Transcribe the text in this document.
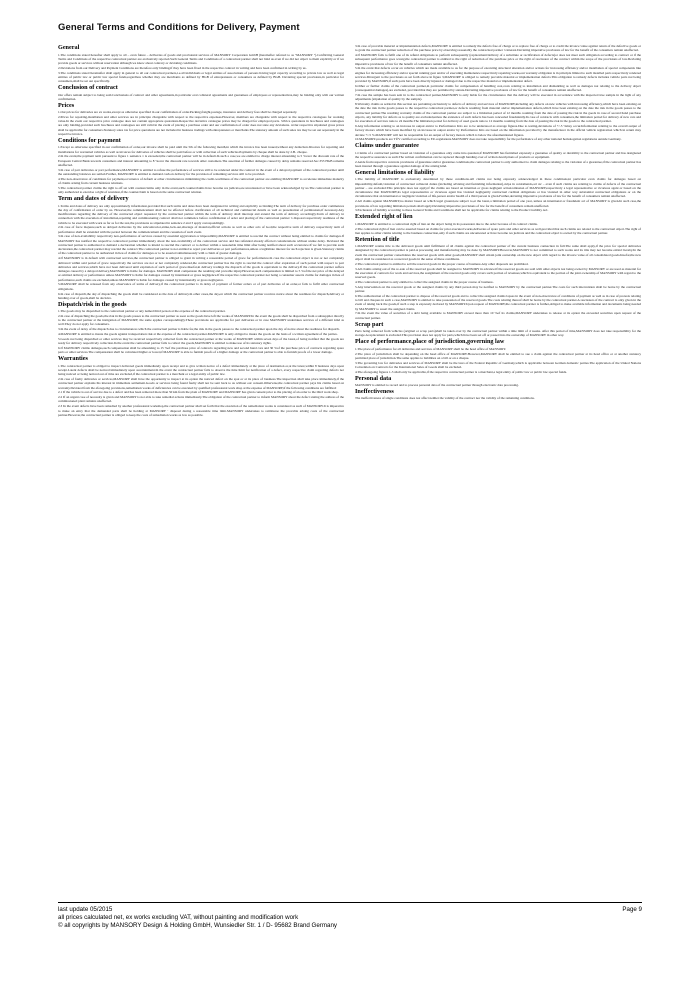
General Terms and Conditions for Delivery, Payment
General

1.The conditions stated hereafter shall apply to all – even future – deliveries of goods and provisional services of MANSORY Corporation GmbH (hereinafter referred to as "MANSORY ").Conflicting General Terms and Conditions of the respective contractual partner are exclusively rejected.Such General Terms and Conditions of a contractual partner shall not bind us even if we did not object to them explicitly or if we provide goods or services without reservation although we know about contrary or deviating conditions.

2.Deviations from our Delivery and Payment Conditions are therefore only binding,if they have been fixed in the respective contract in writing and have been confirmed in writing by us.

3.The conditions stated hereinafter shall apply in general to all our contractual partners,i.e.all individuals or legal entities of associations of persons having legal capacity according to private law as well as legal entities of public law or public law special funds,regardless whether they are merchants as defined by HGB of entrepreneurs or consumers as defined by BGB. Deviating special provisions,in particular for consumers,shall be set out specifically.

Conclusion of contract

Our offers remain subject to being sold.Conclusions of contract and other agreements,in particular oral collateral agreements and guarantees of employees or representatives,may be binding only with our written confirmation.

Prices

1.Our prices for deliveries are ex works,except as otherwise specified in our confirmation of order.Packing,freight,postage, insurance and delivery fees shall be charged separately.

2.Prices for repairing,installation and other services are in principle chargeable with respect to the respective expenses.However, members are chargeable with respect to the respective catalogues for working value.In the event our respective price catalogue does not contain appropriate quotations.Respective deviative catalogue prices may be charged for employed parts. 3.Price quotations in brochures and catalogues are only binding,provided such brochures and catalogues are still valid in the event of placing a purchase order and our confirmation of order does not state any deviations. 4.Our respective stipulated gross prices shall be applicable for consumers.Statutory sales tax for price quotations are not included in business tradings with entrepreneurs or merchants.The statutory amount of such sales tax may be set out separately in the respective invoice.

Conditions for payment

1.Except as otherwise specified in our confirmation of order,our invoice shall be paid until the 5th of the following month,in which the invoice has been issued,without any deduction.Invoices for repairing and installations for warranted vehicles as well as invoices for deliveries of vehicles shall be paid before or with collection of such vehicles.Payments by cheque shall be done by 2.B- cheque.

2.In the event,the payment term pursuant to figure 1 sentence 1 is exceeded,the contractual partner will be in default.In such a case,we are entitled to charge interest amounting to 5 %over the discount rate of the European Central Bank towards consumers and interest amounting to 8 %over the discount rate towards other customers.The assertion of further damages caused by delay remains reserved.Sec.353 HGB remains unaffected.

3.In case of part deliveries or part performance,MANSORY is entitled to refuse the performance of services still to be rendered under the contract in the event of a delayed payment of the contractual partner until the outstanding balances are settled.Further, MANSORY is entitled to demand cash on delivery for the provision of remaining services still to be provided.

4.The non-observance of conditions for payment,occurrence of default or other circumstances minimizing the credit-worthiness of the contractual partner are entitling MANSORY to accelerate immediate maturity of claims arising from current business relations.

5.The contractual partner claims the right to off set with counterclaims only in the event,such counterclaims have become res judicata,are uncontested or have been acknowledged by us.The contractual partner is only authorized to exercise a right of retention,if the counterclaim is based on the same contractual relation.

Term and dates of delivery

1.Terms and dates of delivery are only approximately information,provided that such terms and dates have been designated in writing and explicitly as binding.The term of delivery for purchase order commences the day of confirmation of order by us. However,the commencement shall not be effected before clarification of all technical and commercial details as well as presentation of permissions,if necessary.Any modifications regarding the delivery of the contracted object requested by the contractual partner within the term of delivery shall interrupt and extend the term of delivery accordingly.Term of delivery in connection with the execution of installation,repairing and commissioning contract shall not commence before confirmation of order and placing of the contractual partner 's disposal respectively readiness of the vehicle to be executed with work as far as for the rest,the provisions as stipulated in sentence 2 and 3 apply correspondingly.

2.In case of force majeure,such as delayed deliveries by the subcontractor,strike,lock-out,shortage of material,official actions as well as other acts of God,the respective term of delivery respectively term of performance shall be extended with the period between the commencement and the cessation of such event.

3.In case of non-availability respectively non-performance of services caused by essential aggravation or impossibility,MANSORY is entitled to rescind the contract without being entitled to claims for damages.If MANSORY has notified the respective contractual partner immediately about the non-availability of the contractual service and has refunded already effected considerations without undue delay. Deviated the contractual partner is authorized to demand a declaration whether to intend to rescind the contract or to deliver within a reasonable time limit after being notified about such occurrence.If we fail to provide such declaration,the contractual partner may rescind the contract.The contractual partner is not entitled to reject part deliveries or part performances,unless a legitimate interest for such rejection is given.Statutory claims of the contractual partner to be authorized in lieu of claims for damages or to be asserted simultaneously with a claim of greater damages.

4.If MANSORY is in default with contractual services,the contractual partner is obliged to grant in writing a reasonable period of grace for performance.In case the contractual object is not or not completely delivered within said period of grace respectively the services are not or not completely rendered,the contractual partner has the right to rescind the contract after expiration of such period with respect to part deliveries and services,which have not been delivered until expiration of such period of grace.Insofar,in delivery tradings the dispatch of the goods is equivalent to the delivery.If the contractual partner suffers damages caused by a delayed delivery,MANSORY is liable for damages. MANSORY shall compensate the resulting and provable injury.However,such compensation is limited to 5 %of the net price of the delayed or omitted delivery or performance unless MANSORY is liable for damages caused by intentional or gross negligence.If the respective contractual partner not being a consumer asserts claims for damages in lieu of performance,such claims are excluded,unless MANSORY is liable for damages caused by intentionally or gross negligence.

5.MANSORY shall be released from any observance of terms of delivery,if the contractual partner is in delay of payment of former orders or of part deliveries of an order,or fails to fulfil other contractual obligations.

6.In case of dispatch,the day of dispatching the goods shall be considered as the date of delivery.In other cases,the day,on which the contractual partner receives notice about the readiness for dispatch,delivery or handing over of goods,shall be decisive.

Dispatch/risk in the goods

1.The goods may be dispatched to the contractual partner or any named third person at the expense of the contractual partner.

2.In case of dispatching the goods,the risk in the goods passes to the contractual partner as soon as the goods have left the works of MANSORY.In the event the goods shall be dispatched from a subsupplier directly to the contractual partner at the instigation of MANSORY, the same applies correspondingly.These provisions are applicable for part deliveries or in case MANSORY undertakes services of a different kind as well.They do not apply for consumers.

3.In the event of delay of the dispatch due to circumstances which the contractual partner is liable for,the risk in the goods passes to the contractual partner upon the day of notice about the readiness for dispatch.

4.MANSORY is entitled to insure the goods against transportation risk at the expense of the contractual partner.MANSORY is only obliged to insure the goods on the basis of a written agreement of the parties.

5.Goods not being dispatched or other services may be received respectively collected from the contractual partner at the works of MANSORY within seven days of the latest,of being notified that the goods are ready for delivery respectively collection.In the event the contractual partner fails to collect the goods,MANSORY is entitled to make use of its statutory rights.

6.If MANSORY claims damages,such compensation shall be amounting to 15 %of the purchase price of contracts regarding new and second hand cars and 30 %of the purchase price of contracts regarding spare parts or other services.The compensation shall be calculated higher or lower,if MANSORY is able to furnish proofs of a higher damage or the contractual partner is able to furnish proofs of a lower damage.

Warranties

1.The contractual partner is obliged to inspect delivered goods immediately upon receipt and to give written notice of a defect immediately at the place of destination or,at the latest,within 8 business days upon receipt.Latent defects shall be noticed immediately upon ascertainment.In the event the contractual partner fails to observe the time limit for notification of a defect, every respective claim regarding defects not being noticed or being noticed out of time are excluded,if the contractual partner is a merchant or a legal entity of public law.

2.In case of faulty deliveries or services,MANSORY shall have the opportunity to inspect at its option the noticed defect on the spot or at its place of business.The inspection shall take place immediately,if the contractual partner explains his interest in immediate settlement.Goods or services being found faulty shall not be sent back to us without our consent.Otherwise,the contractual partner pays his claims based on warranty.Deviated from the aforegoing provisions,remediation works of deficiencies can be executed by qualified professional work shop at the expense of MANSORY,if the following conditions are fulfilled:

2.1 If the vehicle is out of service due to a defect and has been removed more than 50 km from the plant of MANSORY and MANSORY has given consent prior to the placing of an order to the third work shop.

2.2 If an urgent case of necessity is given and MANSORY is not able to take remedial actions immediately.The obligation of the contractual partner to inform MANSORY about the defect stating the address of the commissioned plant remains unaffected.

2.3 In the event defects have been remedied by another professional workshop,the contractual partner shall set forth that the execution of the remediation works is considered as such of MANSORY.It is imperative to make an entry that the demanded parts shall be holding at MANSORY ' disposal during a reasonable time limit.MANSORY undertakes to reimburse the provable arising costs of the contractual partner.However,the contractual partner is obliged to keep the costs of remediation works as low as possible.

3.In case of provable material or implementation defects,MANSORY is entitled to remedy the defects free of charge or to replace free of charge or to credit the invoice value against return of the defective goods or to grant the contractual partner reduction of the purchase price by observing reasonably the contractual partner 's interest.Deviating imperative provisions of law for the benefit of the consumers remain unaffected.

4.If MANSORY fails to fulfil one of its refund obligations to perform subsequently (replacement/delivery of a substitute or rectification of defects)or does not meet such obligation according to contract or if the subsequent performance goes wrong,the contractual partner is entitled to the right of reduction of the purchase price or the right of rescission of the contract within the scope of the provisions of law.Deviating imperative provisions of law for the benefit of consumers remain unaffected.

5.In the event that defects occur on vehicles which are made available to us for the purpose of executing structural alteration and/or actions for increasing efficiency and/or installation of special components like engines for increasing efficiency and/or special running gear and/or of executing maintenance respectively repairing works,our warranty obligation is in principle limited to such installed parts respectively rendered services.Divergent to the provisions as set forth above in figure 3,MANSORY is obliged to remedy provable material or implementation defects.This obligation to remedy defects includes vehicle parts not being provided by MANSORY,if such parts have been directly injured or damaged due to the respective material or implementation defect.

6.Other or further claims of the contractual partner,in particular claims for compensation of handling cost,costs relating to installation and dismantling as well as damages not relating to the delivery object (consequential damages),are excluded, provided that they are permitted by statute.Deviating imperative provisions of law for the benefit of consumers remain unaffected.

7.In case the sample has been sent in to the contractual partner,MANSORY is only liable for the circumstance that the delivery will be executed in accordance with the inspected true sample in the light of any adjustments (stipulation of quality by the sample).

8.Warranty claims as settled in this section are pertaining exclusively to defects of delivery and services of MANSORY,including any defects on new vehicles with increasing efficiency,which have been existing on the date the risk in the goods passes to the respective contractual partner,or defects resulting from material and/or implementation defects,which have been existing on the date the risk in the goods passes to the contractual partner.The resulting warranty claims of the contractual partner are subject to a limitation period of 12 months counting from the date of passing the risk in the goods in case of second hand purchase objects, any liability for defects as to quality are excluded,unless the existence of such defects has been concealed fraudulently.In case of contracts with consumers,the limitation period for delivery of new cars and for execution of services runs to 24 months.The limitation period for delivery of used goods runs to 12 months counting from the date of passing the risk in the goods to the contractual partner.

9.Any information relating to an increase in output and/or to Performance Kits are to be understood as average figures.Due to testing,deviations of +/-5 %may occur.Information relating to the overall output of factory motors which have been modified by an increase in output and/or by Performance Kits are based on the information provided by the manufacturer in the official vehicle registration which in return may deviate +/-5 %.MANSORY will not be responsible for an output of factory motors which is below the aforementioned figures.

10.MANSORY-products are TÜV certified according to EU-regulations.MANSORY does not take responsibility for the performance of any other national homologation regulations outside Germany.

Claims under guarantee

1.Claims of a contractual partner based on violation of a guarantee only come into question,if MANSORY has furnished expressly a guarantee of quality or durability to the contractual partner and has designated the respective assurance as such.The written confirmation can be replaced through handing over of written descriptions of products or equipment.

2.Aside from respective concrete provisions of guarantee and/or guarantee conditions,the contractual partner is only authorized to claim damages relating to the violation of a guarantee,if the contractual partner has been insured through a guarantee against damage of the arising kind.

General limitations of liability

1.The liability of MANSORY is exclusively determined by these conditions.All claims not being expressly acknowledged in these conditions,in particular even claims for damages based on impossibility,default,violation of contractual collateral duties (including advising and furnishing information),culpa in contrahendo,act sic – even if such claims are relating to claims of defects of the contractual partner – are excluded.This principle does not apply,if the claims are based on intention or gross negligent action/omission of MANSORY,respectively a legal representative or vicarious agent or based on the circumstance that MANSORY,its legal representative or vicarious agent has violated negligently contractual cardinal obligations or has violated in other way substantial contractual obligations or on the circumstance that an intentional or negligent violation of life,person and/or health of a third person is given.Further,deviating imperative provisions of law for the benefit of consumers remain unaffected.

2.All claims against MANSORY,no matter based on which legal ground,are subject to,at the latest,a limitation period of one year, unless an intentional or fraudulent act of MANSORY is given.In such case,the provisions of law regarding limitation periods shall apply.Deviating imperative provisions of law for the benefit of consumers remain unaffected.

3.Exclusions of liability according to these General Terms and Conditions shall not be applicable for claims relating to the Product Liability Act.

Extended right of lien

1.MANSORY is entitled to a contractual right of lien on the object being in its possession due to the order because of its contract claims.

2.The contractual right of lien can be asserted based on claims for prior executed works,deliveries of spare parts and other services as well,provided that such claims are related to the contractual object.The right of lien applies to other claims relating to the business connection,only if such claims are uncontested or have become res judicata and the contractual object is owned by the contractual partner.

Retention of title

1.MANSORY retains title to the delivered goods until fulfilment of all claims against the contractual partner of the current business connection in full.The same shall apply,if the price for special deliveries designated by the contractual partner is paid.A processing and manufacturing may be done by MANSORY.However,MANSORY is not committed to such works and its title may not become extinct hereby.In the event the contractual partner consolidates the reserved goods with other goods,MANSORY shall obtain joint ownership on the new object with regard to the invoice value of all consolidated goods.Insofar,the new object shall be considered as a reserved goods in the sense of these conditions.

2.The contractual partner is entitled to sell the reserved goods in the proper course of business.Any other disposals are prohibited.

3.All claims arising out of the re-sale of the reserved goods shall be assigned to MANSORY in advance.If the reserved goods are sold with other objects not being owned by MANSORY or are used as material for the execution of contracts for work and services,the assignment of the reserved goods only covers such portion of revenues,which is equivalent to the portion of the joint ownership of MANSORY with regard to the reserved goods.

4.The contractual partner is only entitled to collect the assigned claims in the proper course of business.

5.Any intervention on the reserved goods or the assigned claims by any third person may be notified to MANSORY by the contractual partner.The costs for such intervention shall be borne by the contractual partner.

6.The authorization of the contractual partner to dispose of the reserved goods and to collect the assigned claims lapses in the event of non-observance of conditions of payment as well as in case of protests relating to bill and cheques in such a case,MANSORY is entitled to take possession of the reserved goods.The costs relating thereof shall be borne by the contractual partner.A rescission of the contract is only given in the event of taking back the goods,if such a step is expressly declared by MANSORY.Upon request of MANSORY,the contractual partner is further,obliged to make available information and documents being needed by MANSORY to assert the assigned claims.

7.In the event the value of securities of a debt being available to MANSORY exceed more than 10 %of its claims,MANSORY undertakes to release at its option the exceeded securities upon request of the contractual partner.

Scrap part

Parts being removed from vehicles (original or scrap parts)shall be taken over by the contractual partner within a time limit of 4 weeks. After this period of time,MANSORY does not take responsibility for the storage.A replacement is excluded.This provision does not apply for parts,which have been set off or passed into the ownership of MANSORY in other way.

Place of performance,place of jurisdiction,governing law

1.The place of performance for all deliveries and services of MANSORY shall be the head office of MANSORY.

2.The place of jurisdiction shall be depending on the head office of MANSORY.However,MANSORY shall be entitled to sue a claim against the contractual partner at its head office or at another statutory permitted place of jurisdiction.The same applies to liabilities on a bill or on a cheque.

3.The governing law for deliveries and services of MANSORY shall be the laws of the Federal Republic of Germany,which is applicable between German domestic parties.The application of the United Nations Convention on Contracts for the International Sales of Goods shall be excluded.

4.The aforegoing figures 1-3 shall only be applicable,if the respective contractual partner is a merchant,a legal entity of public law or public law special funds.

Personal data

MANSORY is entitled to record and to process personal data of the contractual partner through electronic data processing.

Ineffectiveness

The ineffectiveness of single conditions does not affect neither the validity of the contract nor the validity of the remaining conditions.

last update 05/2015	Page 9
all prices calculated net, ex works excluding VAT, without painting and modification work
© all copyrights by MANSORY Design & Holding GmbH, Wunsiedler Str. 1 / D- 95682 Brand Germany
